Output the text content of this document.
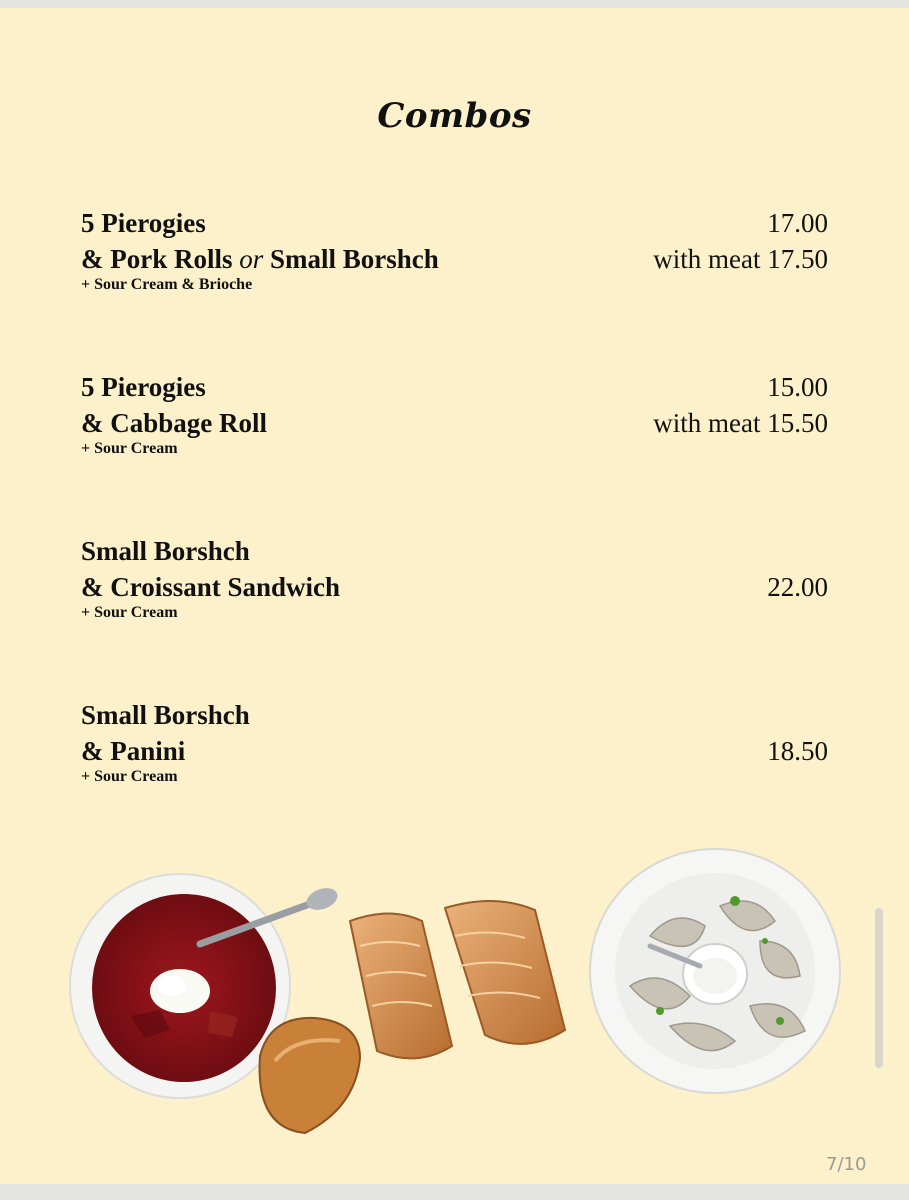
Combos
5 Pierogies
& Pork Rolls or Small Borshch
+ Sour Cream & Brioche
17.00
with meat 17.50
5 Pierogies
& Cabbage Roll
+ Sour Cream
15.00
with meat 15.50
Small Borshch
& Croissant Sandwich
+ Sour Cream
22.00
Small Borshch
& Panini
+ Sour Cream
18.50
7/10
